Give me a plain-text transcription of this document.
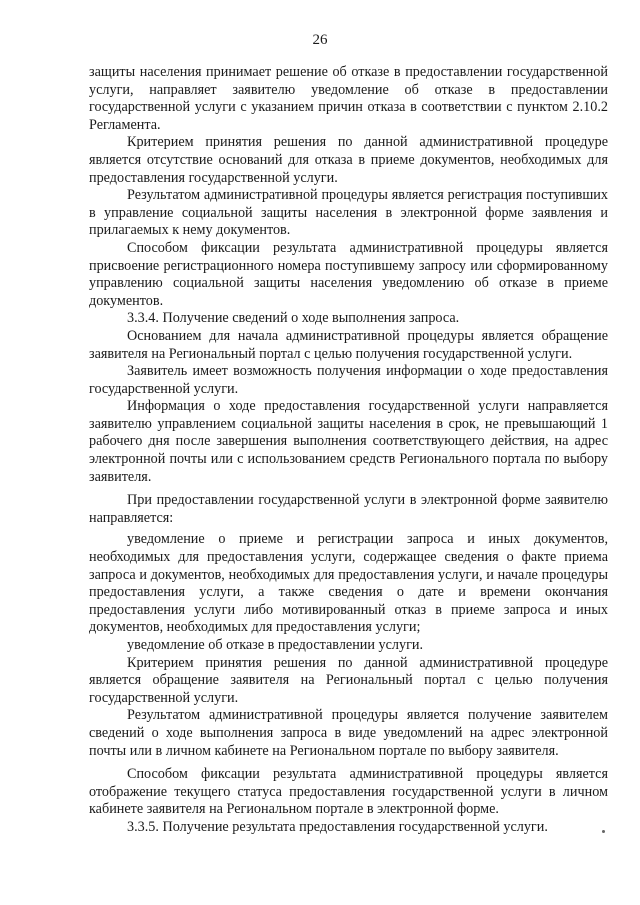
26

защиты населения принимает решение об отказе в предоставлении государственной услуги, направляет заявителю уведомление об отказе в предоставлении государственной услуги с указанием причин отказа в соответствии с пунктом 2.10.2 Регламента.

Критерием принятия решения по данной административной процедуре является отсутствие оснований для отказа в приеме документов, необходимых для предоставления государственной услуги.

Результатом административной процедуры является регистрация поступивших в управление социальной защиты населения в электронной форме заявления и прилагаемых к нему документов.

Способом фиксации результата административной процедуры является присвоение регистрационного номера поступившему запросу или сформированному управлению социальной защиты населения уведомлению об отказе в приеме документов.

3.3.4. Получение сведений о ходе выполнения запроса.

Основанием для начала административной процедуры является обращение заявителя на Региональный портал с целью получения государственной услуги.

Заявитель имеет возможность получения информации о ходе предоставления государственной услуги.

Информация о ходе предоставления государственной услуги направляется заявителю управлением социальной защиты населения в срок, не превышающий 1 рабочего дня после завершения выполнения соответствующего действия, на адрес электронной почты или с использованием средств Регионального портала по выбору заявителя.

При предоставлении государственной услуги в электронной форме заявителю направляется:

уведомление о приеме и регистрации запроса и иных документов, необходимых для предоставления услуги, содержащее сведения о факте приема запроса и документов, необходимых для предоставления услуги, и начале процедуры предоставления услуги, а также сведения о дате и времени окончания предоставления услуги либо мотивированный отказ в приеме запроса и иных документов, необходимых для предоставления услуги;

уведомление об отказе в предоставлении услуги.

Критерием принятия решения по данной административной процедуре является обращение заявителя на Региональный портал с целью получения государственной услуги.

Результатом административной процедуры является получение заявителем сведений о ходе выполнения запроса в виде уведомлений на адрес электронной почты или в личном кабинете на Региональном портале по выбору заявителя.

Способом фиксации результата административной процедуры является отображение текущего статуса предоставления государственной услуги в личном кабинете заявителя на Региональном портале в электронной форме.

3.3.5. Получение результата предоставления государственной услуги.
